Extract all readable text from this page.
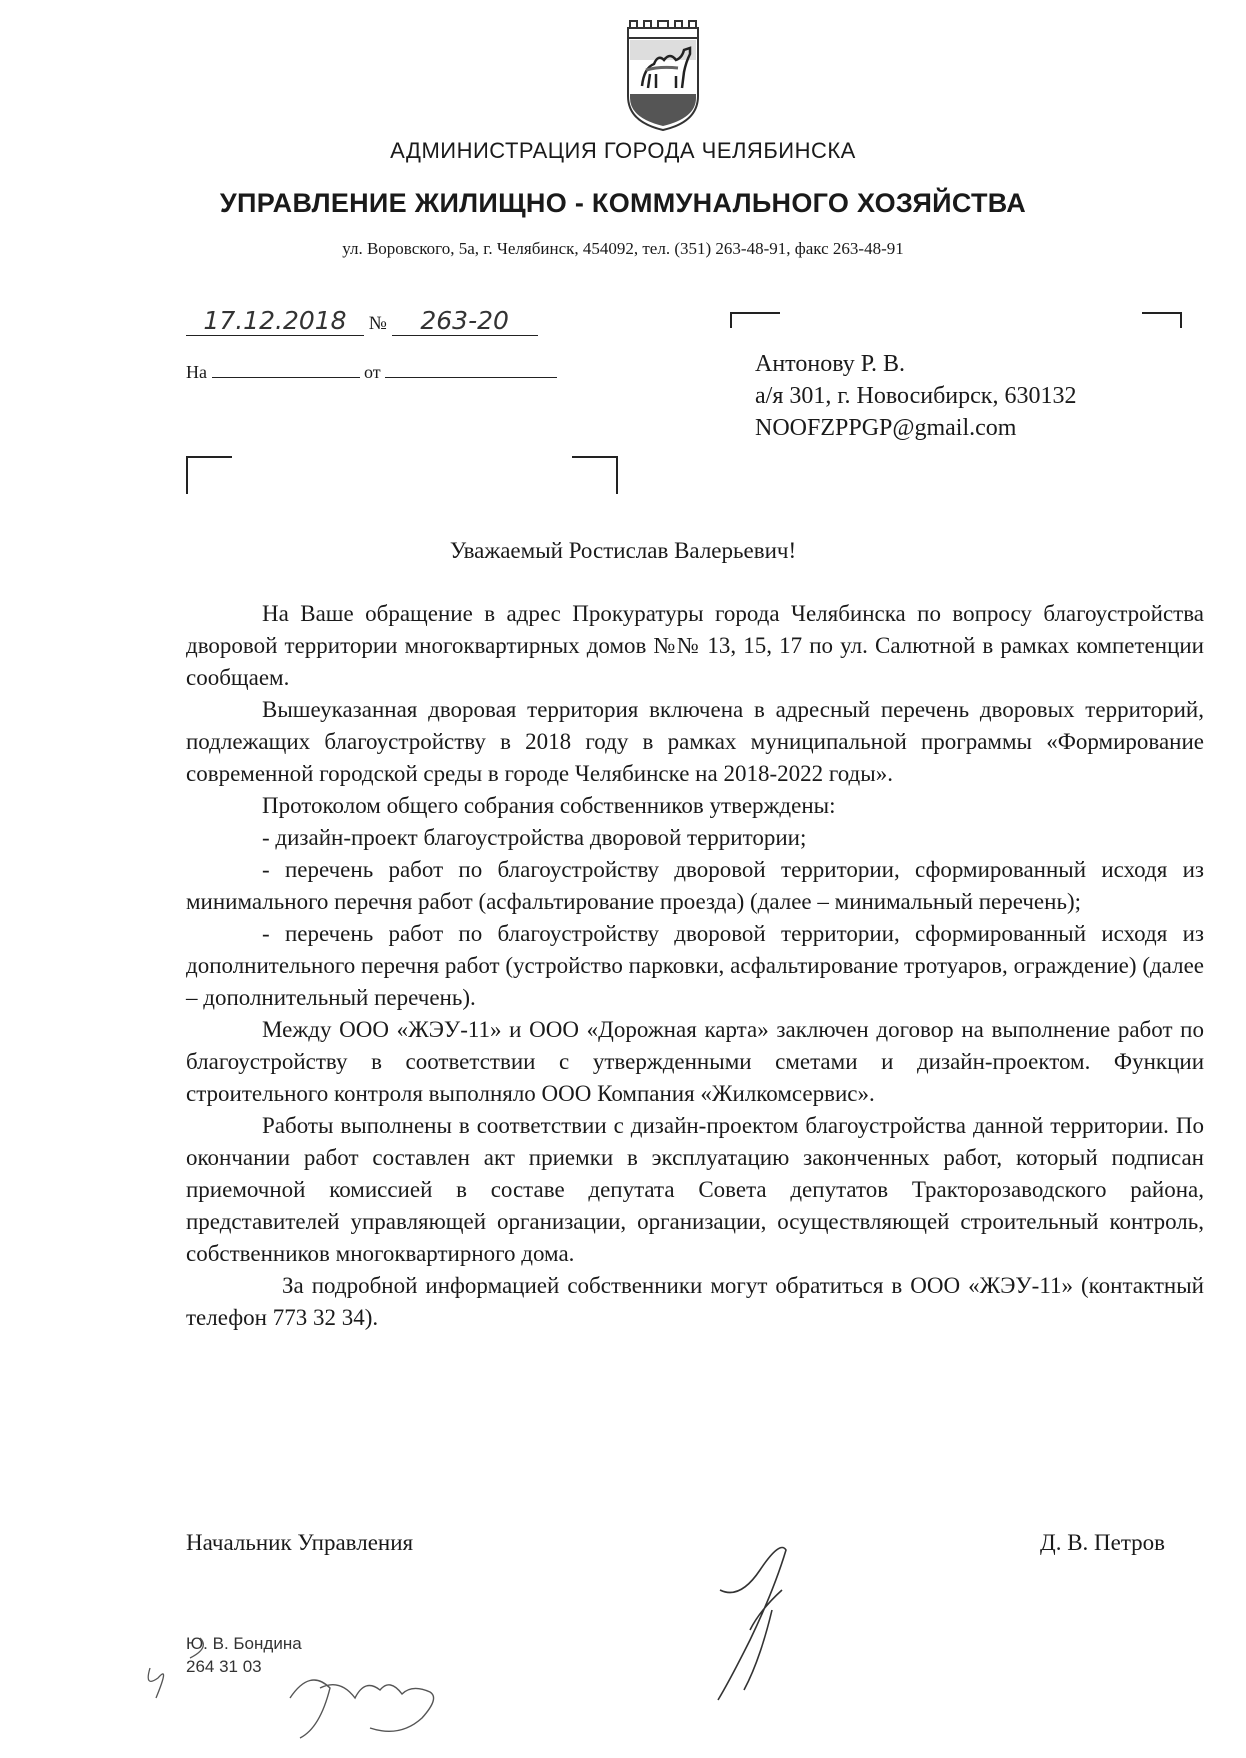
АДМИНИСТРАЦИЯ ГОРОДА ЧЕЛЯБИНСКА
УПРАВЛЕНИЕ ЖИЛИЩНО - КОММУНАЛЬНОГО ХОЗЯЙСТВА
ул. Воровского, 5а, г. Челябинск, 454092, тел. (351) 263-48-91, факс 263-48-91
17.12.2018 № 263-20
На	от	Антонову Р. В.
а/я 301, г. Новосибирск, 630132
NOOFZPPGP@gmail.com
Уважаемый Ростислав Валерьевич!

На Ваше обращение в адрес Прокуратуры города Челябинска по вопросу благоустройства дворовой территории многоквартирных домов №№ 13, 15, 17 по ул. Салютной в рамках компетенции сообщаем.

Вышеуказанная дворовая территория включена в адресный перечень дворовых территорий, подлежащих благоустройству в 2018 году в рамках муниципальной программы «Формирование современной городской среды в городе Челябинске на 2018-2022 годы».

Протоколом общего собрания собственников утверждены:

- дизайн-проект благоустройства дворовой территории;

- перечень работ по благоустройству дворовой территории, сформированный исходя из минимального перечня работ (асфальтирование проезда) (далее – минимальный перечень);

- перечень работ по благоустройству дворовой территории, сформированный исходя из дополнительного перечня работ (устройство парковки, асфальтирование тротуаров, ограждение) (далее – дополнительный перечень).

Между ООО «ЖЭУ-11» и ООО «Дорожная карта» заключен договор на выполнение работ по благоустройству в соответствии с утвержденными сметами и дизайн-проектом. Функции строительного контроля выполняло ООО Компания «Жилкомсервис».

Работы выполнены в соответствии с дизайн-проектом благоустройства данной территории. По окончании работ составлен акт приемки в эксплуатацию законченных работ, который подписан приемочной комиссией в составе депутата Совета депутатов Тракторозаводского района, представителей управляющей организации, организации, осуществляющей строительный контроль, собственников многоквартирного дома.

За подробной информацией собственники могут обратиться в ООО «ЖЭУ-11» (контактный телефон 773 32 34).

Начальник Управления	Д. В. Петров
Ю. В. Бондина
264 31 03
